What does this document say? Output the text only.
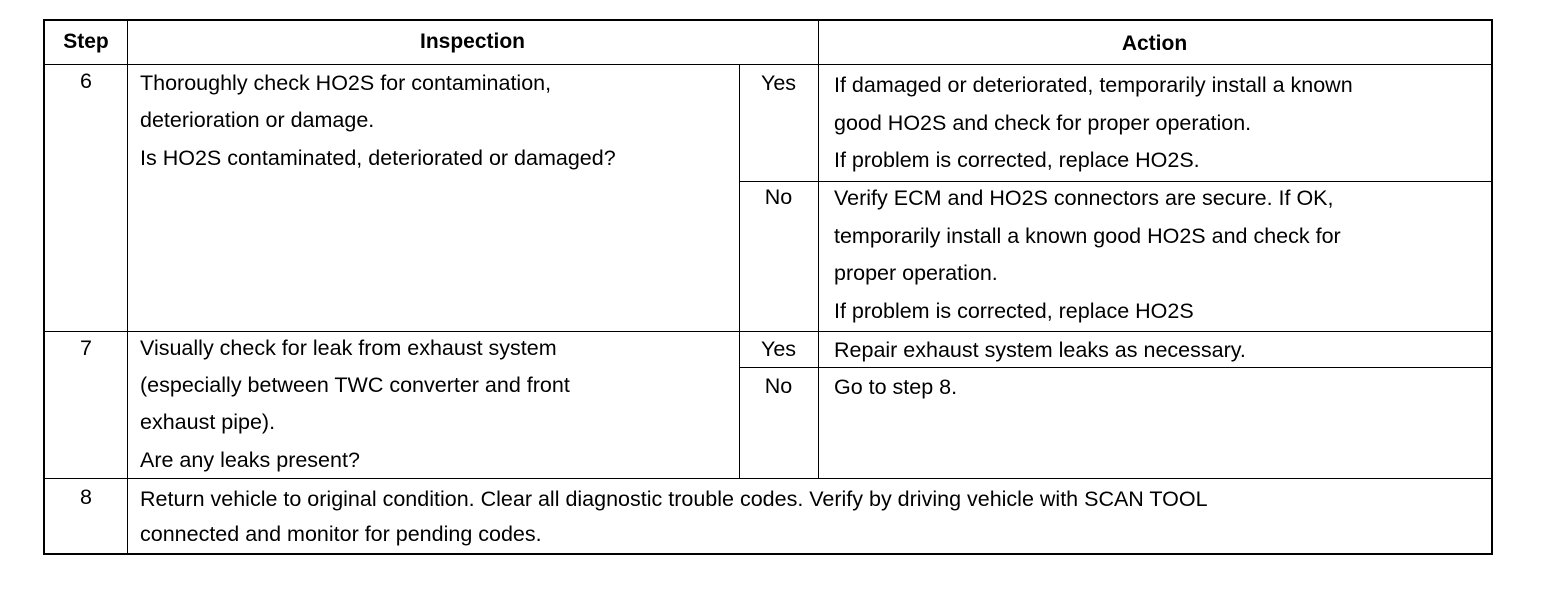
Step	Inspection	Action
6	Thoroughly check HO2S for contamination,
deterioration or damage.
Is HO2S contaminated, deteriorated or damaged?
Yes	If damaged or deteriorated, temporarily install a known
good HO2S and check for proper operation.
If problem is corrected, replace HO2S.
No	Verify ECM and HO2S connectors are secure. If OK,
temporarily install a known good HO2S and check for
proper operation.
If problem is corrected, replace HO2S
7	Visually check for leak from exhaust system
(especially between TWC converter and front
exhaust pipe).
Are any leaks present?
Yes	Repair exhaust system leaks as necessary.
No	Go to step 8.
8	Return vehicle to original condition. Clear all diagnostic trouble codes. Verify by driving vehicle with SCAN TOOL
connected and monitor for pending codes.
